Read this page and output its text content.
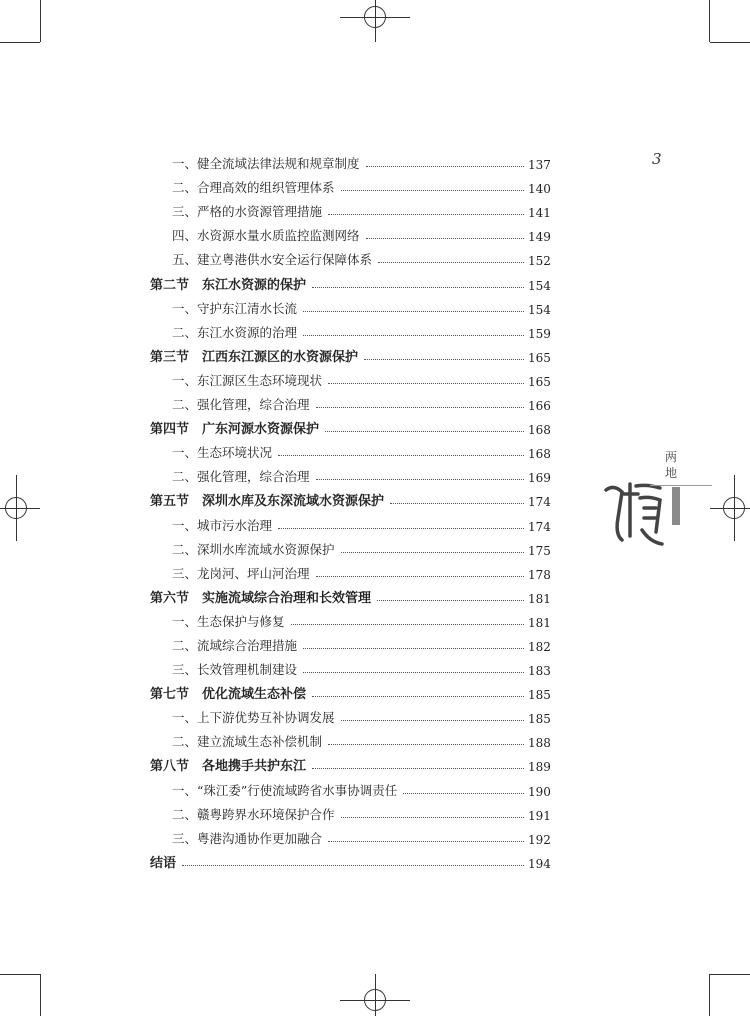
3
两地
一、健全流域法律法规和规章制度	137
二、合理高效的组织管理体系	140
三、严格的水资源管理措施	141
四、水资源水量水质监控监测网络	149
五、建立粤港供水安全运行保障体系	152
第二节　东江水资源的保护	154
一、守护东江清水长流	154
二、东江水资源的治理	159
第三节　江西东江源区的水资源保护	165
一、东江源区生态环境现状	165
二、强化管理，综合治理	166
第四节　广东河源水资源保护	168
一、生态环境状况	168
二、强化管理，综合治理	169
第五节　深圳水库及东深流域水资源保护	174
一、城市污水治理	174
二、深圳水库流域水资源保护	175
三、龙岗河、坪山河治理	178
第六节　实施流域综合治理和长效管理	181
一、生态保护与修复	181
二、流域综合治理措施	182
三、长效管理机制建设	183
第七节　优化流域生态补偿	185
一、上下游优势互补协调发展	185
二、建立流域生态补偿机制	188
第八节　各地携手共护东江	189
一、“珠江委”行使流域跨省水事协调责任	190
二、赣粤跨界水环境保护合作	191
三、粤港沟通协作更加融合	192
结语	194
